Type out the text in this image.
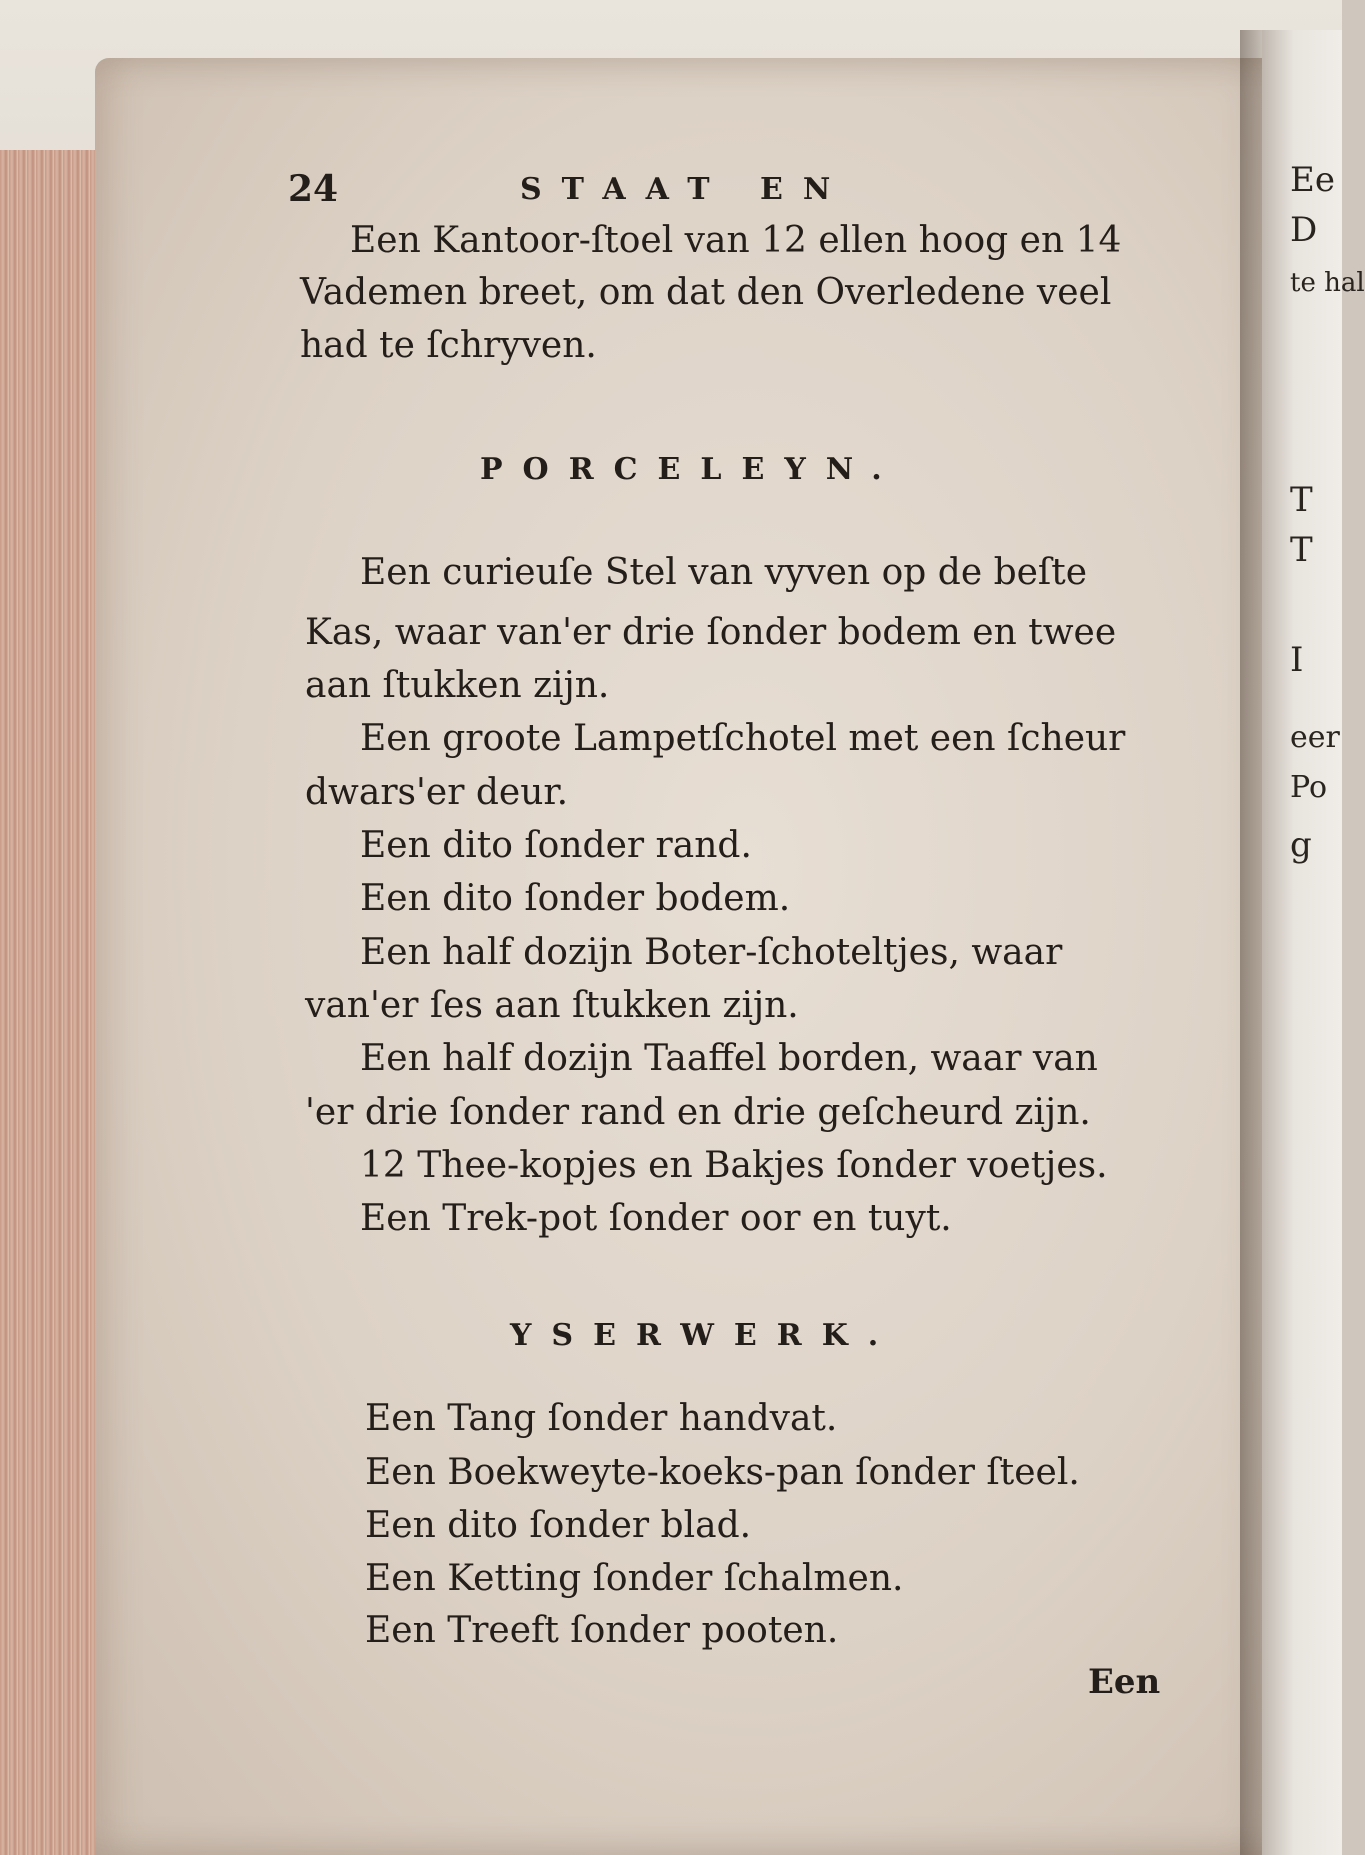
Ee
D
te hal
T
T
I
eer
Po
g
24	STAAT EN
Een Kantoor-ſtoel van 12 ellen hoog en 14
Vademen breet, om dat den Overledene veel
had te ſchryven.
PORCELEYN.
Een curieuſe Stel van vyven op de beſte
Kas, waar van'er drie ſonder bodem en twee
aan ſtukken zijn.
Een groote Lampetſchotel met een ſcheur
dwars'er deur.
Een dito ſonder rand.
Een dito ſonder bodem.
Een half dozijn Boter-ſchoteltjes, waar
van'er ſes aan ſtukken zijn.
Een half dozijn Taaffel borden, waar van
'er drie ſonder rand en drie geſcheurd zijn.
12 Thee-kopjes en Bakjes ſonder voetjes.
Een Trek-pot ſonder oor en tuyt.
YSERWERK.
Een Tang ſonder handvat.
Een Boekweyte-koeks-pan ſonder ſteel.
Een dito ſonder blad.
Een Ketting ſonder ſchalmen.
Een Treeft ſonder pooten.
Een
